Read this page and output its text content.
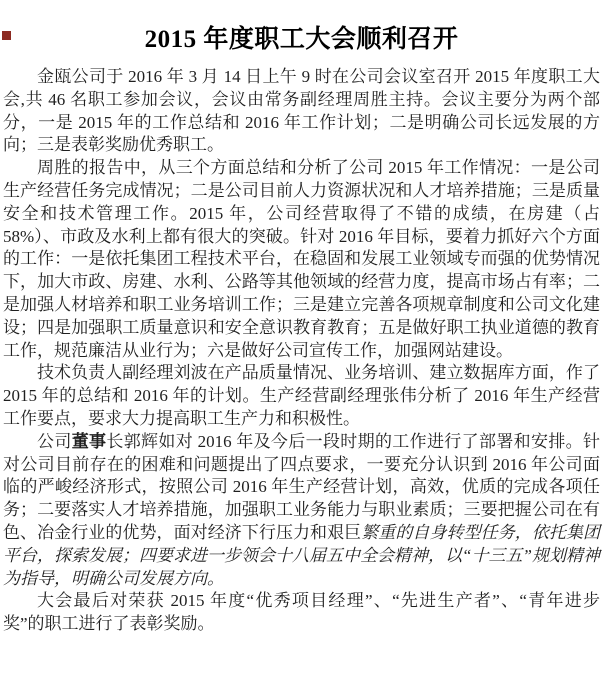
2015 年度职工大会顺利召开

金瓯公司于 2016 年 3 月 14 日上午 9 时在公司会议室召开 2015 年度职工大会,共 46 名职工参加会议，会议由常务副经理周胜主持。会议主要分为两个部分，一是 2015 年的工作总结和 2016 年工作计划；二是明确公司长远发展的方向；三是表彰奖励优秀职工。

周胜的报告中，从三个方面总结和分析了公司 2015 年工作情况：一是公司生产经营任务完成情况；二是公司目前人力资源状况和人才培养措施；三是质量安全和技术管理工作。2015 年，公司经营取得了不错的成绩，在房建（占 58%）、市政及水利上都有很大的突破。针对 2016 年目标，要着力抓好六个方面的工作：一是依托集团工程技术平台，在稳固和发展工业领域专而强的优势情况下，加大市政、房建、水利、公路等其他领域的经营力度，提高市场占有率；二是加强人材培养和职工业务培训工作；三是建立完善各项规章制度和公司文化建设；四是加强职工质量意识和安全意识教育教育；五是做好职工执业道德的教育工作，规范廉洁从业行为；六是做好公司宣传工作，加强网站建设。

技术负责人副经理刘波在产品质量情况、业务培训、建立数据库方面，作了 2015 年的总结和 2016 年的计划。生产经营副经理张伟分析了 2016 年生产经营工作要点，要求大力提高职工生产力和积极性。

公司董事长郭辉如对 2016 年及今后一段时期的工作进行了部署和安排。针对公司目前存在的困难和问题提出了四点要求，一要充分认识到 2016 年公司面临的严峻经济形式，按照公司 2016 年生产经营计划，高效，优质的完成各项任务；二要落实人才培养措施，加强职工业务能力与职业素质；三要把握公司在有色、冶金行业的优势，面对经济下行压力和艰巨繁重的自身转型任务，依托集团平台，探索发展；四要求进一步领会十八届五中全会精神，以“十三五”规划精神为指导，明确公司发展方向。

大会最后对荣获 2015 年度“优秀项目经理”、“先进生产者”、“青年进步奖”的职工进行了表彰奖励。
